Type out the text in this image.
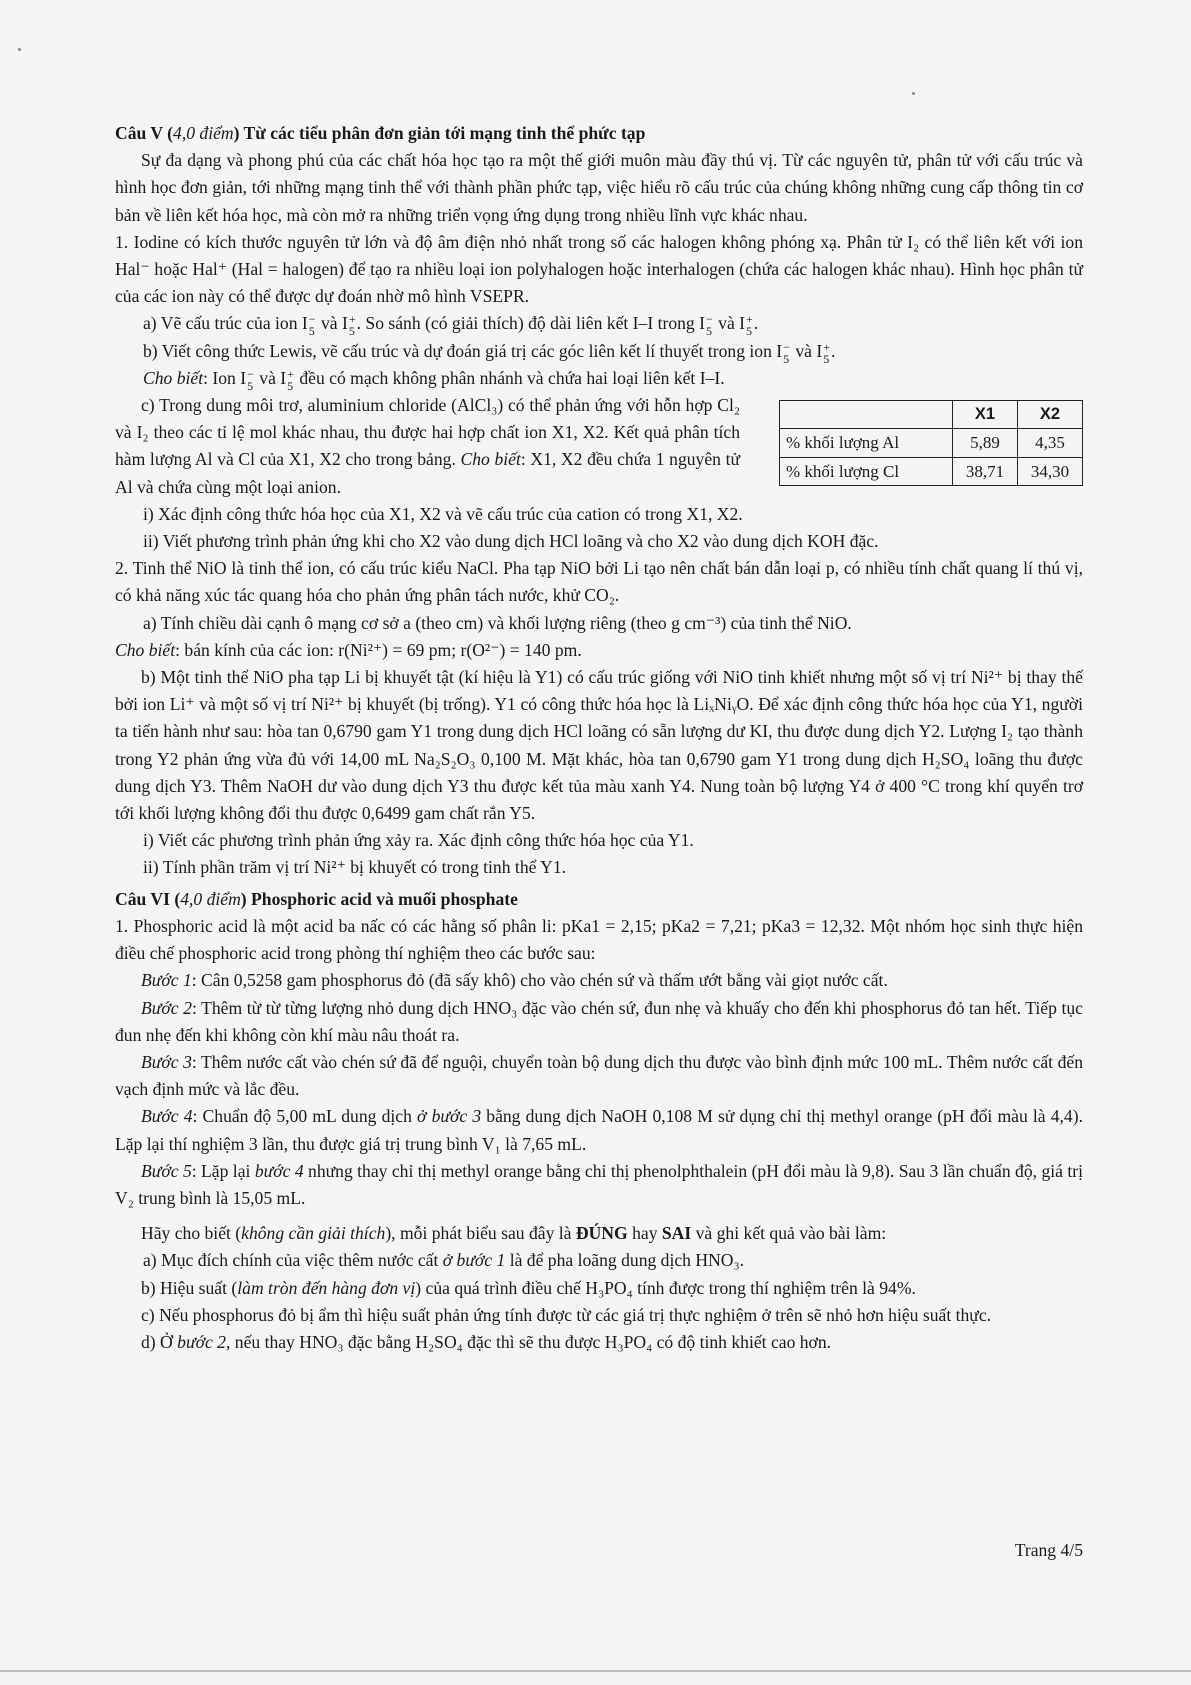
Câu V (4,0 điểm) Từ các tiểu phân đơn giản tới mạng tinh thể phức tạp

Sự đa dạng và phong phú của các chất hóa học tạo ra một thế giới muôn màu đầy thú vị. Từ các nguyên tử, phân tử với cấu trúc và hình học đơn giản, tới những mạng tinh thể với thành phần phức tạp, việc hiểu rõ cấu trúc của chúng không những cung cấp thông tin cơ bản về liên kết hóa học, mà còn mở ra những triển vọng ứng dụng trong nhiều lĩnh vực khác nhau.

1. Iodine có kích thước nguyên tử lớn và độ âm điện nhỏ nhất trong số các halogen không phóng xạ. Phân tử I₂ có thể liên kết với ion Hal⁻ hoặc Hal⁺ (Hal = halogen) để tạo ra nhiều loại ion polyhalogen hoặc interhalogen (chứa các halogen khác nhau). Hình học phân tử của các ion này có thể được dự đoán nhờ mô hình VSEPR.

a) Vẽ cấu trúc của ion I −
5 và I +
5 . So sánh (có giải thích) độ dài liên kết I–I trong I −
5 và I +
5 .

b) Viết công thức Lewis, vẽ cấu trúc và dự đoán giá trị các góc liên kết lí thuyết trong ion I −
5 và I +
5 .

Cho biết: Ion I −
5 và I +
5 đều có mạch không phân nhánh và chứa hai loại liên kết I–I.

c) Trong dung môi trơ, aluminium chloride (AlCl₃) có thể phản ứng với hỗn hợp Cl₂ và I₂ theo các tỉ lệ mol khác nhau, thu được hai hợp chất ion X1, X2. Kết quả phân tích hàm lượng Al và Cl của X1, X2 cho trong bảng. Cho biết: X1, X2 đều chứa 1 nguyên tử Al và chứa cùng một loại anion.

	X1	X2
% khối lượng Al	5,89	4,35
% khối lượng Cl	38,71	34,30

i) Xác định công thức hóa học của X1, X2 và vẽ cấu trúc của cation có trong X1, X2.

ii) Viết phương trình phản ứng khi cho X2 vào dung dịch HCl loãng và cho X2 vào dung dịch KOH đặc.

2. Tinh thể NiO là tinh thể ion, có cấu trúc kiểu NaCl. Pha tạp NiO bởi Li tạo nên chất bán dẫn loại p, có nhiều tính chất quang lí thú vị, có khả năng xúc tác quang hóa cho phản ứng phân tách nước, khử CO₂.

a) Tính chiều dài cạnh ô mạng cơ sở a (theo cm) và khối lượng riêng (theo g cm⁻³) của tinh thể NiO.

Cho biết: bán kính của các ion: r(Ni²⁺) = 69 pm; r(O²⁻) = 140 pm.

b) Một tinh thể NiO pha tạp Li bị khuyết tật (kí hiệu là Y1) có cấu trúc giống với NiO tinh khiết nhưng một số vị trí Ni²⁺ bị thay thế bởi ion Li⁺ và một số vị trí Ni²⁺ bị khuyết (bị trống). Y1 có công thức hóa học là LiₓNiᵧO. Để xác định công thức hóa học của Y1, người ta tiến hành như sau: hòa tan 0,6790 gam Y1 trong dung dịch HCl loãng có sẵn lượng dư KI, thu được dung dịch Y2. Lượng I₂ tạo thành trong Y2 phản ứng vừa đủ với 14,00 mL Na₂S₂O₃ 0,100 M. Mặt khác, hòa tan 0,6790 gam Y1 trong dung dịch H₂SO₄ loãng thu được dung dịch Y3. Thêm NaOH dư vào dung dịch Y3 thu được kết tủa màu xanh Y4. Nung toàn bộ lượng Y4 ở 400 °C trong khí quyển trơ tới khối lượng không đổi thu được 0,6499 gam chất rắn Y5.

i) Viết các phương trình phản ứng xảy ra. Xác định công thức hóa học của Y1.

ii) Tính phần trăm vị trí Ni²⁺ bị khuyết có trong tinh thể Y1.

Câu VI (4,0 điểm) Phosphoric acid và muối phosphate

1. Phosphoric acid là một acid ba nấc có các hằng số phân li: pKa1 = 2,15; pKa2 = 7,21; pKa3 = 12,32. Một nhóm học sinh thực hiện điều chế phosphoric acid trong phòng thí nghiệm theo các bước sau:

Bước 1: Cân 0,5258 gam phosphorus đỏ (đã sấy khô) cho vào chén sứ và thấm ướt bằng vài giọt nước cất.

Bước 2: Thêm từ từ từng lượng nhỏ dung dịch HNO₃ đặc vào chén sứ, đun nhẹ và khuấy cho đến khi phosphorus đỏ tan hết. Tiếp tục đun nhẹ đến khi không còn khí màu nâu thoát ra.

Bước 3: Thêm nước cất vào chén sứ đã để nguội, chuyển toàn bộ dung dịch thu được vào bình định mức 100 mL. Thêm nước cất đến vạch định mức và lắc đều.

Bước 4: Chuẩn độ 5,00 mL dung dịch ở bước 3 bằng dung dịch NaOH 0,108 M sử dụng chỉ thị methyl orange (pH đổi màu là 4,4). Lặp lại thí nghiệm 3 lần, thu được giá trị trung bình V₁ là 7,65 mL.

Bước 5: Lặp lại bước 4 nhưng thay chỉ thị methyl orange bằng chỉ thị phenolphthalein (pH đổi màu là 9,8). Sau 3 lần chuẩn độ, giá trị V₂ trung bình là 15,05 mL.

Hãy cho biết (không cần giải thích), mỗi phát biểu sau đây là ĐÚNG hay SAI và ghi kết quả vào bài làm:

a) Mục đích chính của việc thêm nước cất ở bước 1 là để pha loãng dung dịch HNO₃.

b) Hiệu suất (làm tròn đến hàng đơn vị) của quá trình điều chế H₃PO₄ tính được trong thí nghiệm trên là 94%.

c) Nếu phosphorus đỏ bị ẩm thì hiệu suất phản ứng tính được từ các giá trị thực nghiệm ở trên sẽ nhỏ hơn hiệu suất thực.

d) Ở bước 2, nếu thay HNO₃ đặc bằng H₂SO₄ đặc thì sẽ thu được H₃PO₄ có độ tinh khiết cao hơn.

Trang 4/5
